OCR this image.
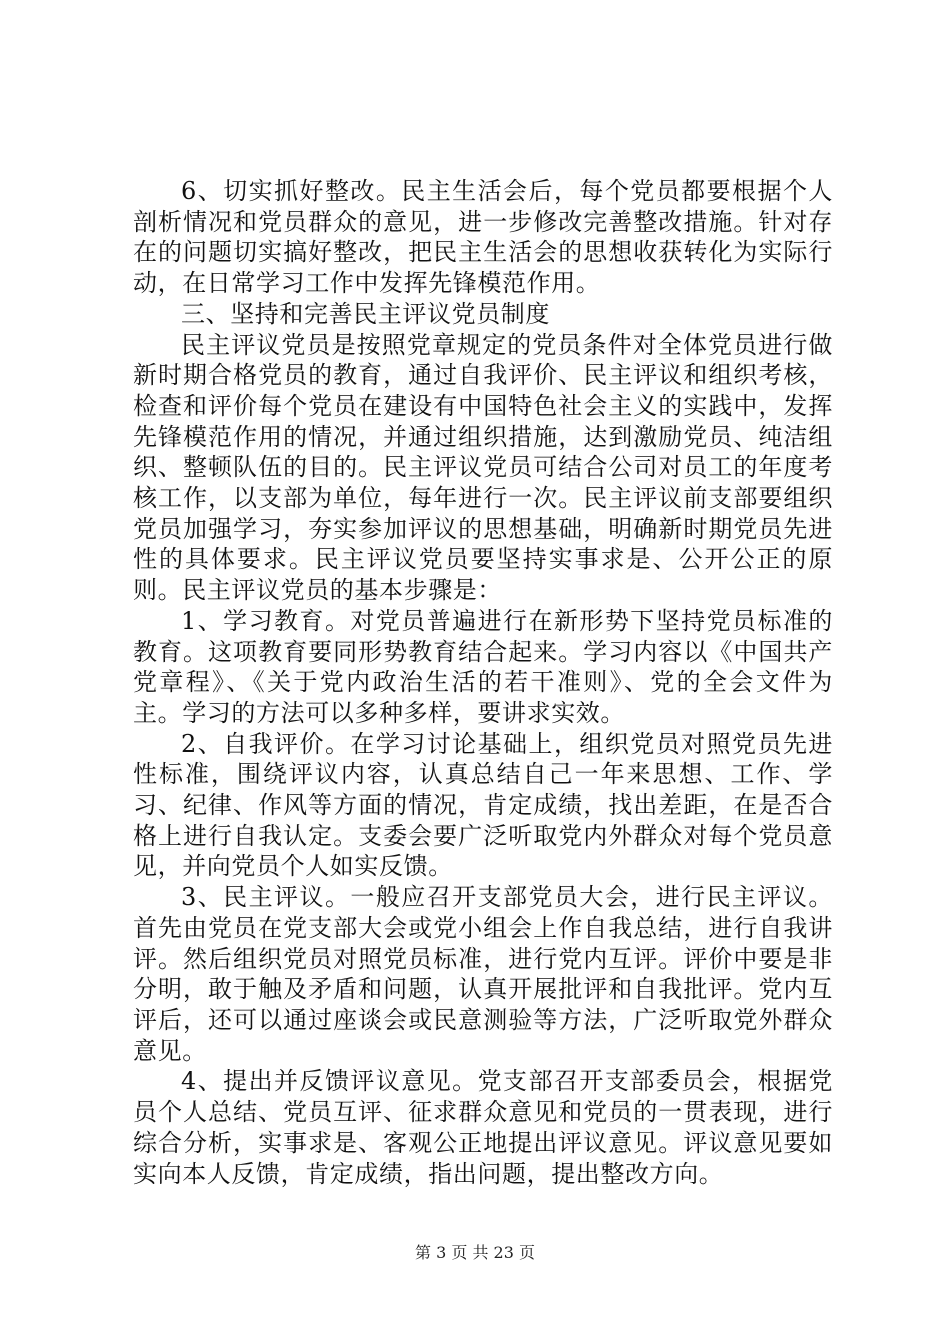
6、切实抓好整改。民主生活会后，每个党员都要根据个人剖析情况和党员群众的意见，进一步修改完善整改措施。针对存在的问题切实搞好整改，把民主生活会的思想收获转化为实际行动，在日常学习工作中发挥先锋模范作用。

三、坚持和完善民主评议党员制度

民主评议党员是按照党章规定的党员条件对全体党员进行做新时期合格党员的教育，通过自我评价、民主评议和组织考核，检查和评价每个党员在建设有中国特色社会主义的实践中，发挥先锋模范作用的情况，并通过组织措施，达到激励党员、纯洁组织、整顿队伍的目的。民主评议党员可结合公司对员工的年度考核工作，以支部为单位，每年进行一次。民主评议前支部要组织党员加强学习，夯实参加评议的思想基础，明确新时期党员先进性的具体要求。民主评议党员要坚持实事求是、公开公正的原则。民主评议党员的基本步骤是：

1、学习教育。对党员普遍进行在新形势下坚持党员标准的教育。这项教育要同形势教育结合起来。学习内容以《中国共产党章程》、《关于党内政治生活的若干准则》、党的全会文件为主。学习的方法可以多种多样，要讲求实效。

2、自我评价。在学习讨论基础上，组织党员对照党员先进性标准，围绕评议内容，认真总结自己一年来思想、工作、学习、纪律、作风等方面的情况，肯定成绩，找出差距，在是否合格上进行自我认定。支委会要广泛听取党内外群众对每个党员意见，并向党员个人如实反馈。

3、民主评议。一般应召开支部党员大会，进行民主评议。首先由党员在党支部大会或党小组会上作自我总结，进行自我讲评。然后组织党员对照党员标准，进行党内互评。评价中要是非分明，敢于触及矛盾和问题，认真开展批评和自我批评。党内互评后，还可以通过座谈会或民意测验等方法，广泛听取党外群众意见。

4、提出并反馈评议意见。党支部召开支部委员会，根据党员个人总结、党员互评、征求群众意见和党员的一贯表现，进行综合分析，实事求是、客观公正地提出评议意见。评议意见要如实向本人反馈，肯定成绩，指出问题，提出整改方向。

第 3 页 共 23 页
